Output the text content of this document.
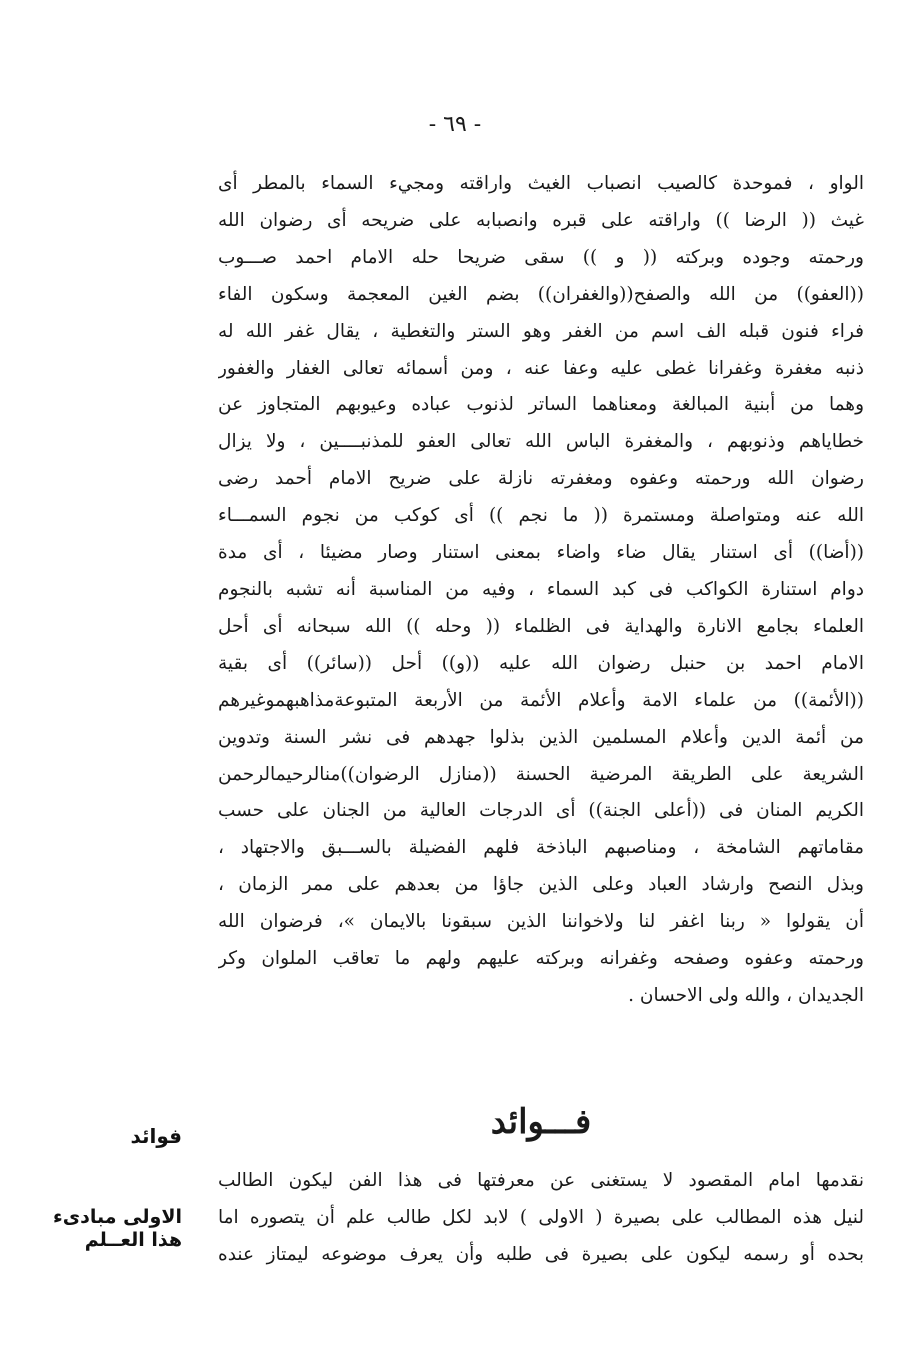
- ٦٩ -
الواو ، فموحدة كالصيب انصباب الغيث واراقته ومجيء السماء بالمطر أى
غيث (( الرضا )) واراقته على قبره وانصبابه على ضريحه أى رضوان الله
ورحمته وجوده وبركته (( و )) سقى ضريحا حله الامام احمد صـــوب
((العفو)) من الله والصفح((والغفران)) بضم الغين المعجمة وسكون الفاء
فراء فنون قبله الف اسم من الغفر وهو الستر والتغطية ، يقال غفر الله له
ذنبه مغفرة وغفرانا غطى عليه وعفا عنه ، ومن أسمائه تعالى الغفار والغفور
وهما من أبنية المبالغة ومعناهما الساتر لذنوب عباده وعيوبهم المتجاوز عن
خطاياهم وذنوبهم ، والمغفرة الباس الله تعالى العفو للمذنبــــين ، ولا يزال
رضوان الله ورحمته وعفوه ومغفرته نازلة على ضريح الامام أحمد رضى
الله عنه ومتواصلة ومستمرة (( ما نجم )) أى كوكب من نجوم السمـــاء
((أضا)) أى استنار يقال ضاء واضاء بمعنى استنار وصار مضيئا ، أى مدة
دوام استنارة الكواكب فى كبد السماء ، وفيه من المناسبة أنه تشبه بالنجوم
العلماء بجامع الانارة والهداية فى الظلماء (( وحله )) الله سبحانه أى أحل
الامام احمد بن حنبل رضوان الله عليه ((و)) أحل ((سائر)) أى بقية
((الأئمة)) من علماء الامة وأعلام الأئمة من الأربعة المتبوعةمذاهبهموغيرهم
من أئمة الدين وأعلام المسلمين الذين بذلوا جهدهم فى نشر السنة وتدوين
الشريعة على الطريقة المرضية الحسنة ((منازل الرضوان))منالرحيمالرحمن
الكريم المنان فى ((أعلى الجنة)) أى الدرجات العالية من الجنان على حسب
مقاماتهم الشامخة ، ومناصبهم الباذخة فلهم الفضيلة بالســـبق والاجتهاد ،
وبذل النصح وارشاد العباد وعلى الذين جاؤا من بعدهم على ممر الزمان ،
أن يقولوا « ربنا اغفر لنا ولاخواننا الذين سبقونا بالايمان »، فرضوان الله
ورحمته وعفوه وصفحه وغفرانه وبركته عليهم ولهم ما تعاقب الملوان وكر
الجديدان ، والله ولى الاحسان .
فوائد	فـــوائد
الاولى مبادىء
هذا العــلم
نقدمها امام المقصود لا يستغنى عن معرفتها فى هذا الفن ليكون الطالب
لنيل هذه المطالب على بصيرة ( الاولى ) لابد لكل طالب علم أن يتصوره اما
بحده أو رسمه ليكون على بصيرة فى طلبه وأن يعرف موضوعه ليمتاز عنده
